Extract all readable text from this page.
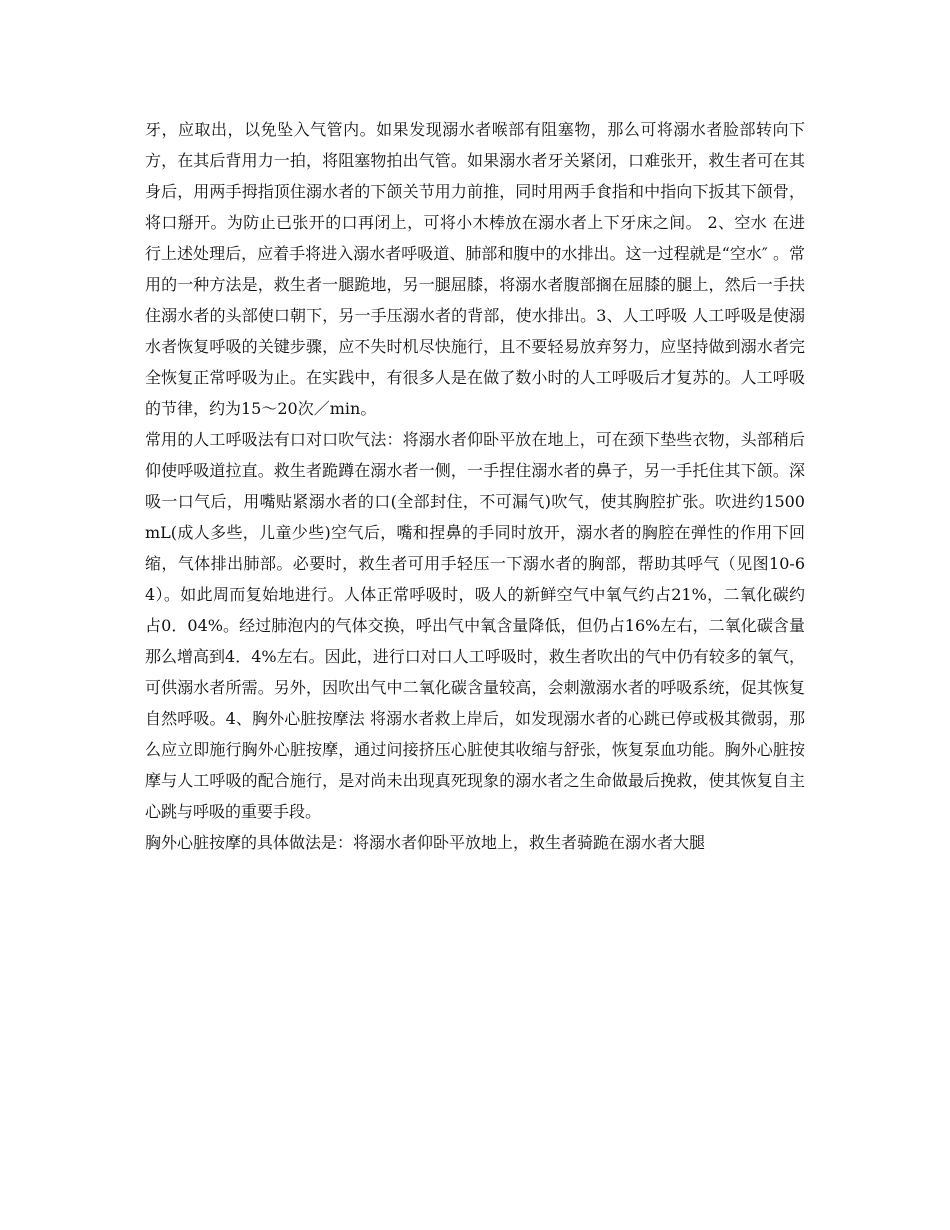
牙，应取出，以免坠入气管内。如果发现溺水者喉部有阻塞物，那么可将溺水者脸部转向下方，在其后背用力一拍，将阻塞物拍出气管。如果溺水者牙关紧闭，口难张开，救生者可在其身后，用两手拇指顶住溺水者的下颌关节用力前推，同时用两手食指和中指向下扳其下颌骨，将口掰开。为防止已张开的口再闭上，可将小木棒放在溺水者上下牙床之间。 2、空水 在进行上述处理后，应着手将进入溺水者呼吸道、肺部和腹中的水排出。这一过程就是“空水″ 。常用的一种方法是，救生者一腿跪地，另一腿屈膝，将溺水者腹部搁在屈膝的腿上，然后一手扶住溺水者的头部使口朝下，另一手压溺水者的背部，使水排出。3、人工呼吸 人工呼吸是使溺水者恢复呼吸的关键步骤，应不失时机尽快施行，且不要轻易放弃努力，应坚持做到溺水者完全恢复正常呼吸为止。在实践中，有很多人是在做了数小时的人工呼吸后才复苏的。人工呼吸的节律，约为15～20次／min。

常用的人工呼吸法有口对口吹气法：将溺水者仰卧平放在地上，可在颈下垫些衣物，头部稍后仰使呼吸道拉直。救生者跪蹲在溺水者一侧，一手捏住溺水者的鼻子，另一手托住其下颌。深吸一口气后，用嘴贴紧溺水者的口(全部封住，不可漏气)吹气，使其胸腔扩张。吹进约1500mL(成人多些，儿童少些)空气后，嘴和捏鼻的手同时放开，溺水者的胸腔在弹性的作用下回缩，气体排出肺部。必要时，救生者可用手轻压一下溺水者的胸部，帮助其呼气（见图10-64）。如此周而复始地进行。人体正常呼吸时，吸人的新鲜空气中氧气约占21%，二氧化碳约占0．04%。经过肺泡内的气体交换，呼出气中氧含量降低，但仍占16%左右，二氧化碳含量那么增高到4．4%左右。因此，进行口对口人工呼吸时，救生者吹出的气中仍有较多的氧气，可供溺水者所需。另外，因吹出气中二氧化碳含量较高，会刺激溺水者的呼吸系统，促其恢复自然呼吸。4、胸外心脏按摩法 将溺水者救上岸后，如发现溺水者的心跳已停或极其微弱，那么应立即施行胸外心脏按摩，通过问接挤压心脏使其收缩与舒张，恢复泵血功能。胸外心脏按摩与人工呼吸的配合施行，是对尚未出现真死现象的溺水者之生命做最后挽救，使其恢复自主心跳与呼吸的重要手段。

胸外心脏按摩的具体做法是：将溺水者仰卧平放地上，救生者骑跪在溺水者大腿
